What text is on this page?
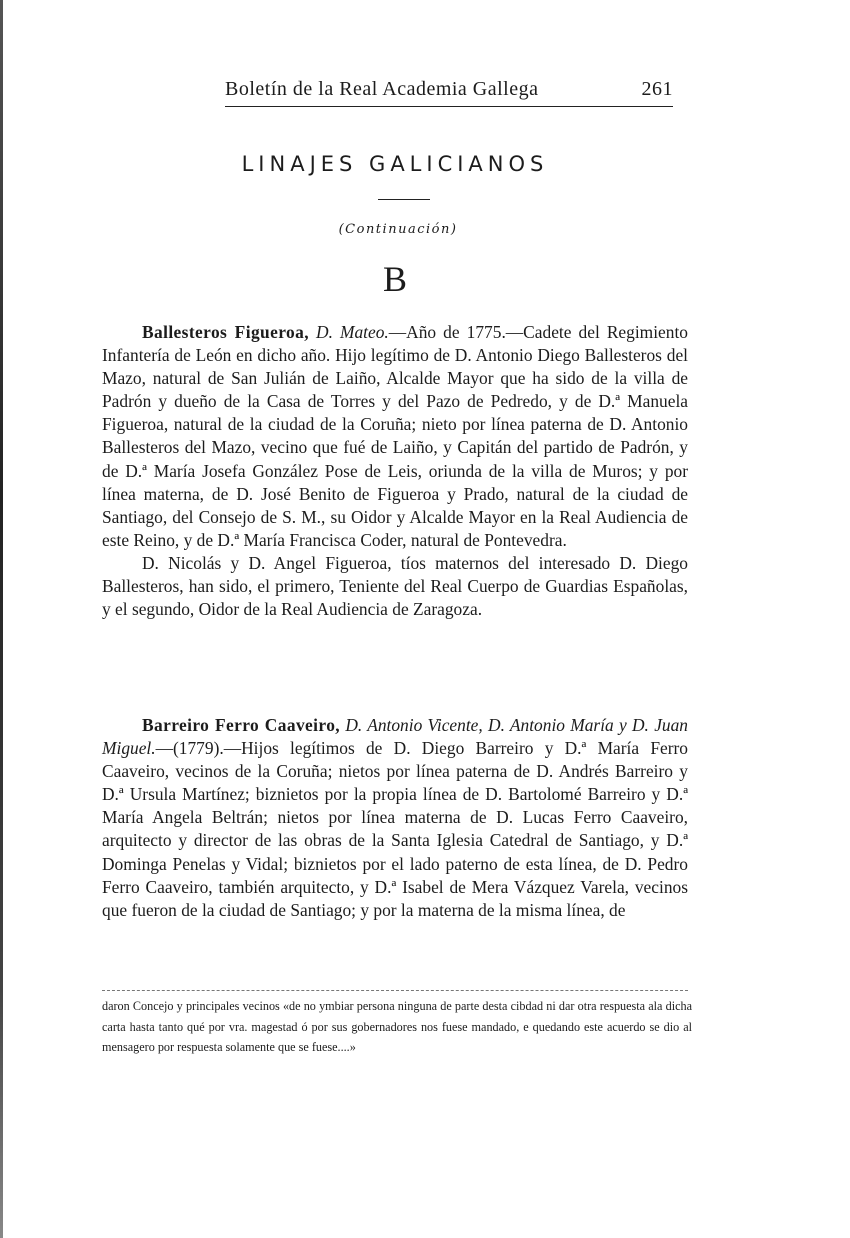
Boletín de la Real Academia Gallega	261
LINAJES GALICIANOS
(Continuación)
B

Ballesteros Figueroa, D. Mateo.—Año de 1775.—Cadete del Regimiento Infantería de León en dicho año. Hijo legítimo de D. Antonio Diego Ballesteros del Mazo, natural de San Julián de Laiño, Alcalde Mayor que ha sido de la villa de Padrón y dueño de la Casa de Torres y del Pazo de Pedredo, y de D.ª Manuela Figueroa, natural de la ciudad de la Coruña; nieto por línea paterna de D. Antonio Ballesteros del Mazo, vecino que fué de Laiño, y Capitán del partido de Padrón, y de D.ª María Josefa González Pose de Leis, oriunda de la villa de Muros; y por línea materna, de D. José Benito de Figueroa y Prado, natural de la ciudad de Santiago, del Consejo de S. M., su Oidor y Alcalde Mayor en la Real Audiencia de este Reino, y de D.ª María Francisca Coder, natural de Pontevedra.

D. Nicolás y D. Angel Figueroa, tíos maternos del interesado D. Diego Ballesteros, han sido, el primero, Teniente del Real Cuerpo de Guardias Españolas, y el segundo, Oidor de la Real Audiencia de Zaragoza.

Barreiro Ferro Caaveiro, D. Antonio Vicente, D. Antonio María y D. Juan Miguel.—(1779).—Hijos legítimos de D. Diego Barreiro y D.ª María Ferro Caaveiro, vecinos de la Coruña; nietos por línea paterna de D. Andrés Barreiro y D.ª Ursula Martínez; biznietos por la propia línea de D. Bartolomé Barreiro y D.ª María Angela Beltrán; nietos por línea materna de D. Lucas Ferro Caaveiro, arquitecto y director de las obras de la Santa Iglesia Catedral de Santiago, y D.ª Dominga Penelas y Vidal; biznietos por el lado paterno de esta línea, de D. Pedro Ferro Caaveiro, también arquitecto, y D.ª Isabel de Mera Vázquez Varela, vecinos que fueron de la ciudad de Santiago; y por la materna de la misma línea, de

daron Concejo y principales vecinos «de no ymbiar persona ninguna de parte desta cibdad ni dar otra respuesta ala dicha carta hasta tanto qué por vra. magestad ó por sus gobernadores nos fuese mandado, e quedando este acuerdo se dio al mensagero por respuesta solamente que se fuese....»
